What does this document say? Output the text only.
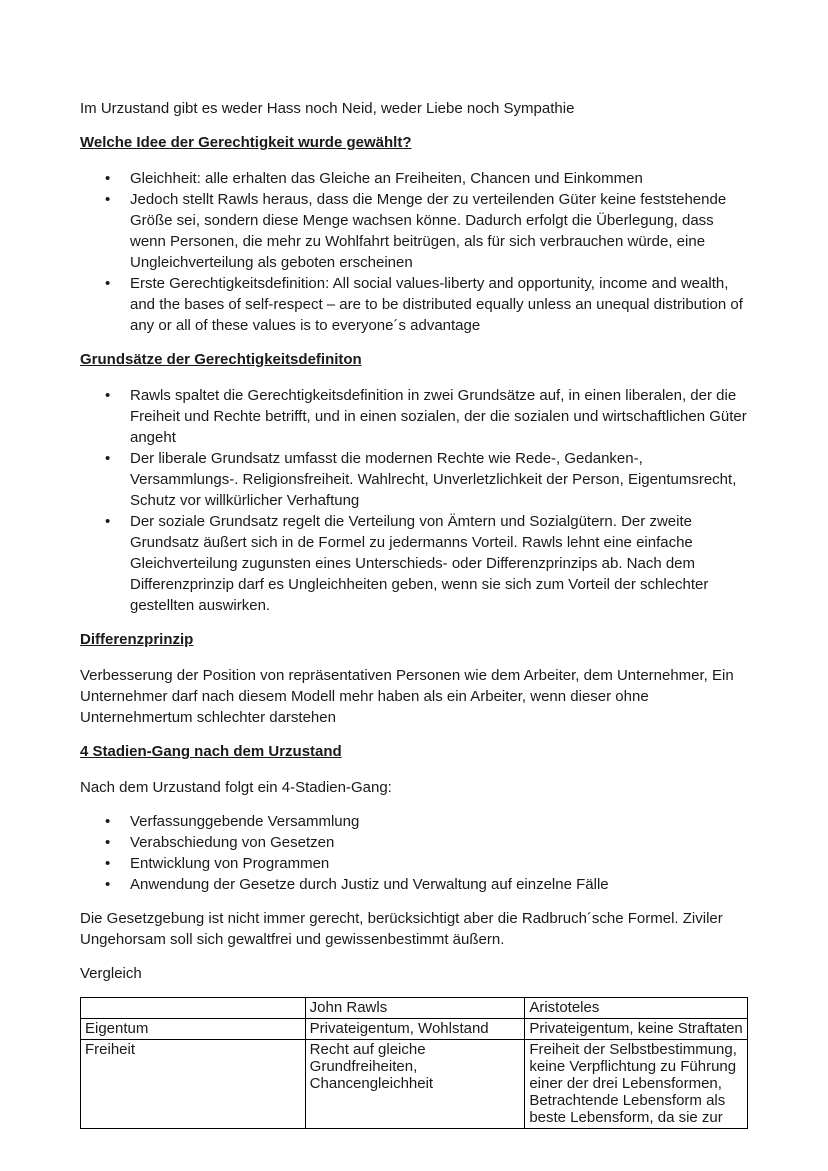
Im Urzustand gibt es weder Hass noch Neid, weder Liebe noch Sympathie

Welche Idee der Gerechtigkeit wurde gewählt?
• Gleichheit: alle erhalten das Gleiche an Freiheiten, Chancen und Einkommen
• Jedoch stellt Rawls heraus, dass die Menge der zu verteilenden Güter keine feststehende Größe sei, sondern diese Menge wachsen könne. Dadurch erfolgt die Überlegung, dass wenn Personen, die mehr zu Wohlfahrt beitrügen, als für sich verbrauchen würde, eine Ungleichverteilung als geboten erscheinen
• Erste Gerechtigkeitsdefinition: All social values-liberty and opportunity, income and wealth, and the bases of self-respect – are to be distributed equally unless an unequal distribution of any or all of these values is to everyone´s advantage
Grundsätze der Gerechtigkeitsdefiniton
• Rawls spaltet die Gerechtigkeitsdefinition in zwei Grundsätze auf, in einen liberalen, der die Freiheit und Rechte betrifft, und in einen sozialen, der die sozialen und wirtschaftlichen Güter angeht
• Der liberale Grundsatz umfasst die modernen Rechte wie Rede-, Gedanken-, Versammlungs-. Religionsfreiheit. Wahlrecht, Unverletzlichkeit der Person, Eigentumsrecht, Schutz vor willkürlicher Verhaftung
• Der soziale Grundsatz regelt die Verteilung von Ämtern und Sozialgütern. Der zweite Grundsatz äußert sich in de Formel zu jedermanns Vorteil. Rawls lehnt eine einfache Gleichverteilung zugunsten eines Unterschieds- oder Differenzprinzips ab. Nach dem Differenzprinzip darf es Ungleichheiten geben, wenn sie sich zum Vorteil der schlechter gestellten auswirken.
Differenzprinzip

Verbesserung der Position von repräsentativen Personen wie dem Arbeiter, dem Unternehmer, Ein Unternehmer darf nach diesem Modell mehr haben als ein Arbeiter, wenn dieser ohne Unternehmertum schlechter darstehen

4 Stadien-Gang nach dem Urzustand

Nach dem Urzustand folgt ein 4-Stadien-Gang:

• Verfassunggebende Versammlung
• Verabschiedung von Gesetzen
• Entwicklung von Programmen
• Anwendung der Gesetze durch Justiz und Verwaltung auf einzelne Fälle

Die Gesetzgebung ist nicht immer gerecht, berücksichtigt aber die Radbruch´sche Formel. Ziviler Ungehorsam soll sich gewaltfrei und gewissenbestimmt äußern.

Vergleich

	John Rawls	Aristoteles
Eigentum	Privateigentum, Wohlstand	Privateigentum, keine Straftaten
Freiheit	Recht auf gleiche Grundfreiheiten, Chancengleichheit	Freiheit der Selbstbestimmung, keine Verpflichtung zu Führung einer der drei Lebensformen, Betrachtende Lebensform als beste Lebensform, da sie zur
